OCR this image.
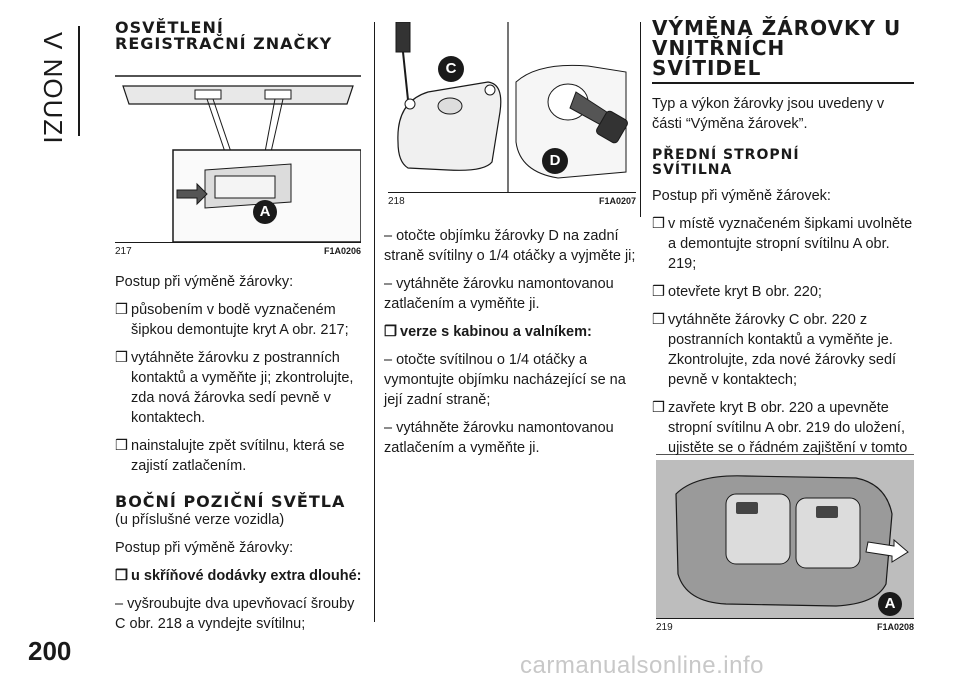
V NOUZI
OSVĚTLENÍ
REGISTRAČNÍ ZNAČKY
A
217	F1A0206

Postup při výměně žárovky:

❒ působením v bodě vyznačeném šipkou demontujte kryt A obr. 217;

❒ vytáhněte žárovku z postranních kontaktů a vyměňte ji; zkontrolujte, zda nová žárovka sedí pevně v kontaktech.

❒ nainstalujte zpět svítilnu, která se zajistí zatlačením.

BOČNÍ POZIČNÍ SVĚTLA

(u příslušné verze vozidla)

Postup při výměně žárovky:

❒ u skříňové dodávky extra dlouhé:

– vyšroubujte dva upevňovací šrouby C obr. 218 a vyndejte svítilnu;

C
D
218	F1A0207

– otočte objímku žárovky D na zadní straně svítilny o 1/4 otáčky a vyjměte ji;

– vytáhněte žárovku namontovanou zatlačením a vyměňte ji.

❒ verze s kabinou a valníkem:

– otočte svítilnou o 1/4 otáčky a vymontujte objímku nacházející se na její zadní straně;

– vytáhněte žárovku namontovanou zatlačením a vyměňte ji.

VÝMĚNA ŽÁROVKY U
VNITŘNÍCH
SVÍTIDEL

Typ a výkon žárovky jsou uvedeny v části “Výměna žárovek”.

PŘEDNÍ STROPNÍ
SVÍTILNA

Postup při výměně žárovek:

❒ v místě vyznačeném šipkami uvolněte a demontujte stropní svítilnu A obr. 219;

❒ otevřete kryt B obr. 220;

❒ vytáhněte žárovky C obr. 220 z postranních kontaktů a vyměňte je. Zkontrolujte, zda nové žárovky sedí pevně v kontaktech;

❒ zavřete kryt B obr. 220 a upevněte stropní svítilnu A obr. 219 do uložení, ujistěte se o řádném zajištění v tomto

A
219	F1A0208
200	carmanualsonline.info
